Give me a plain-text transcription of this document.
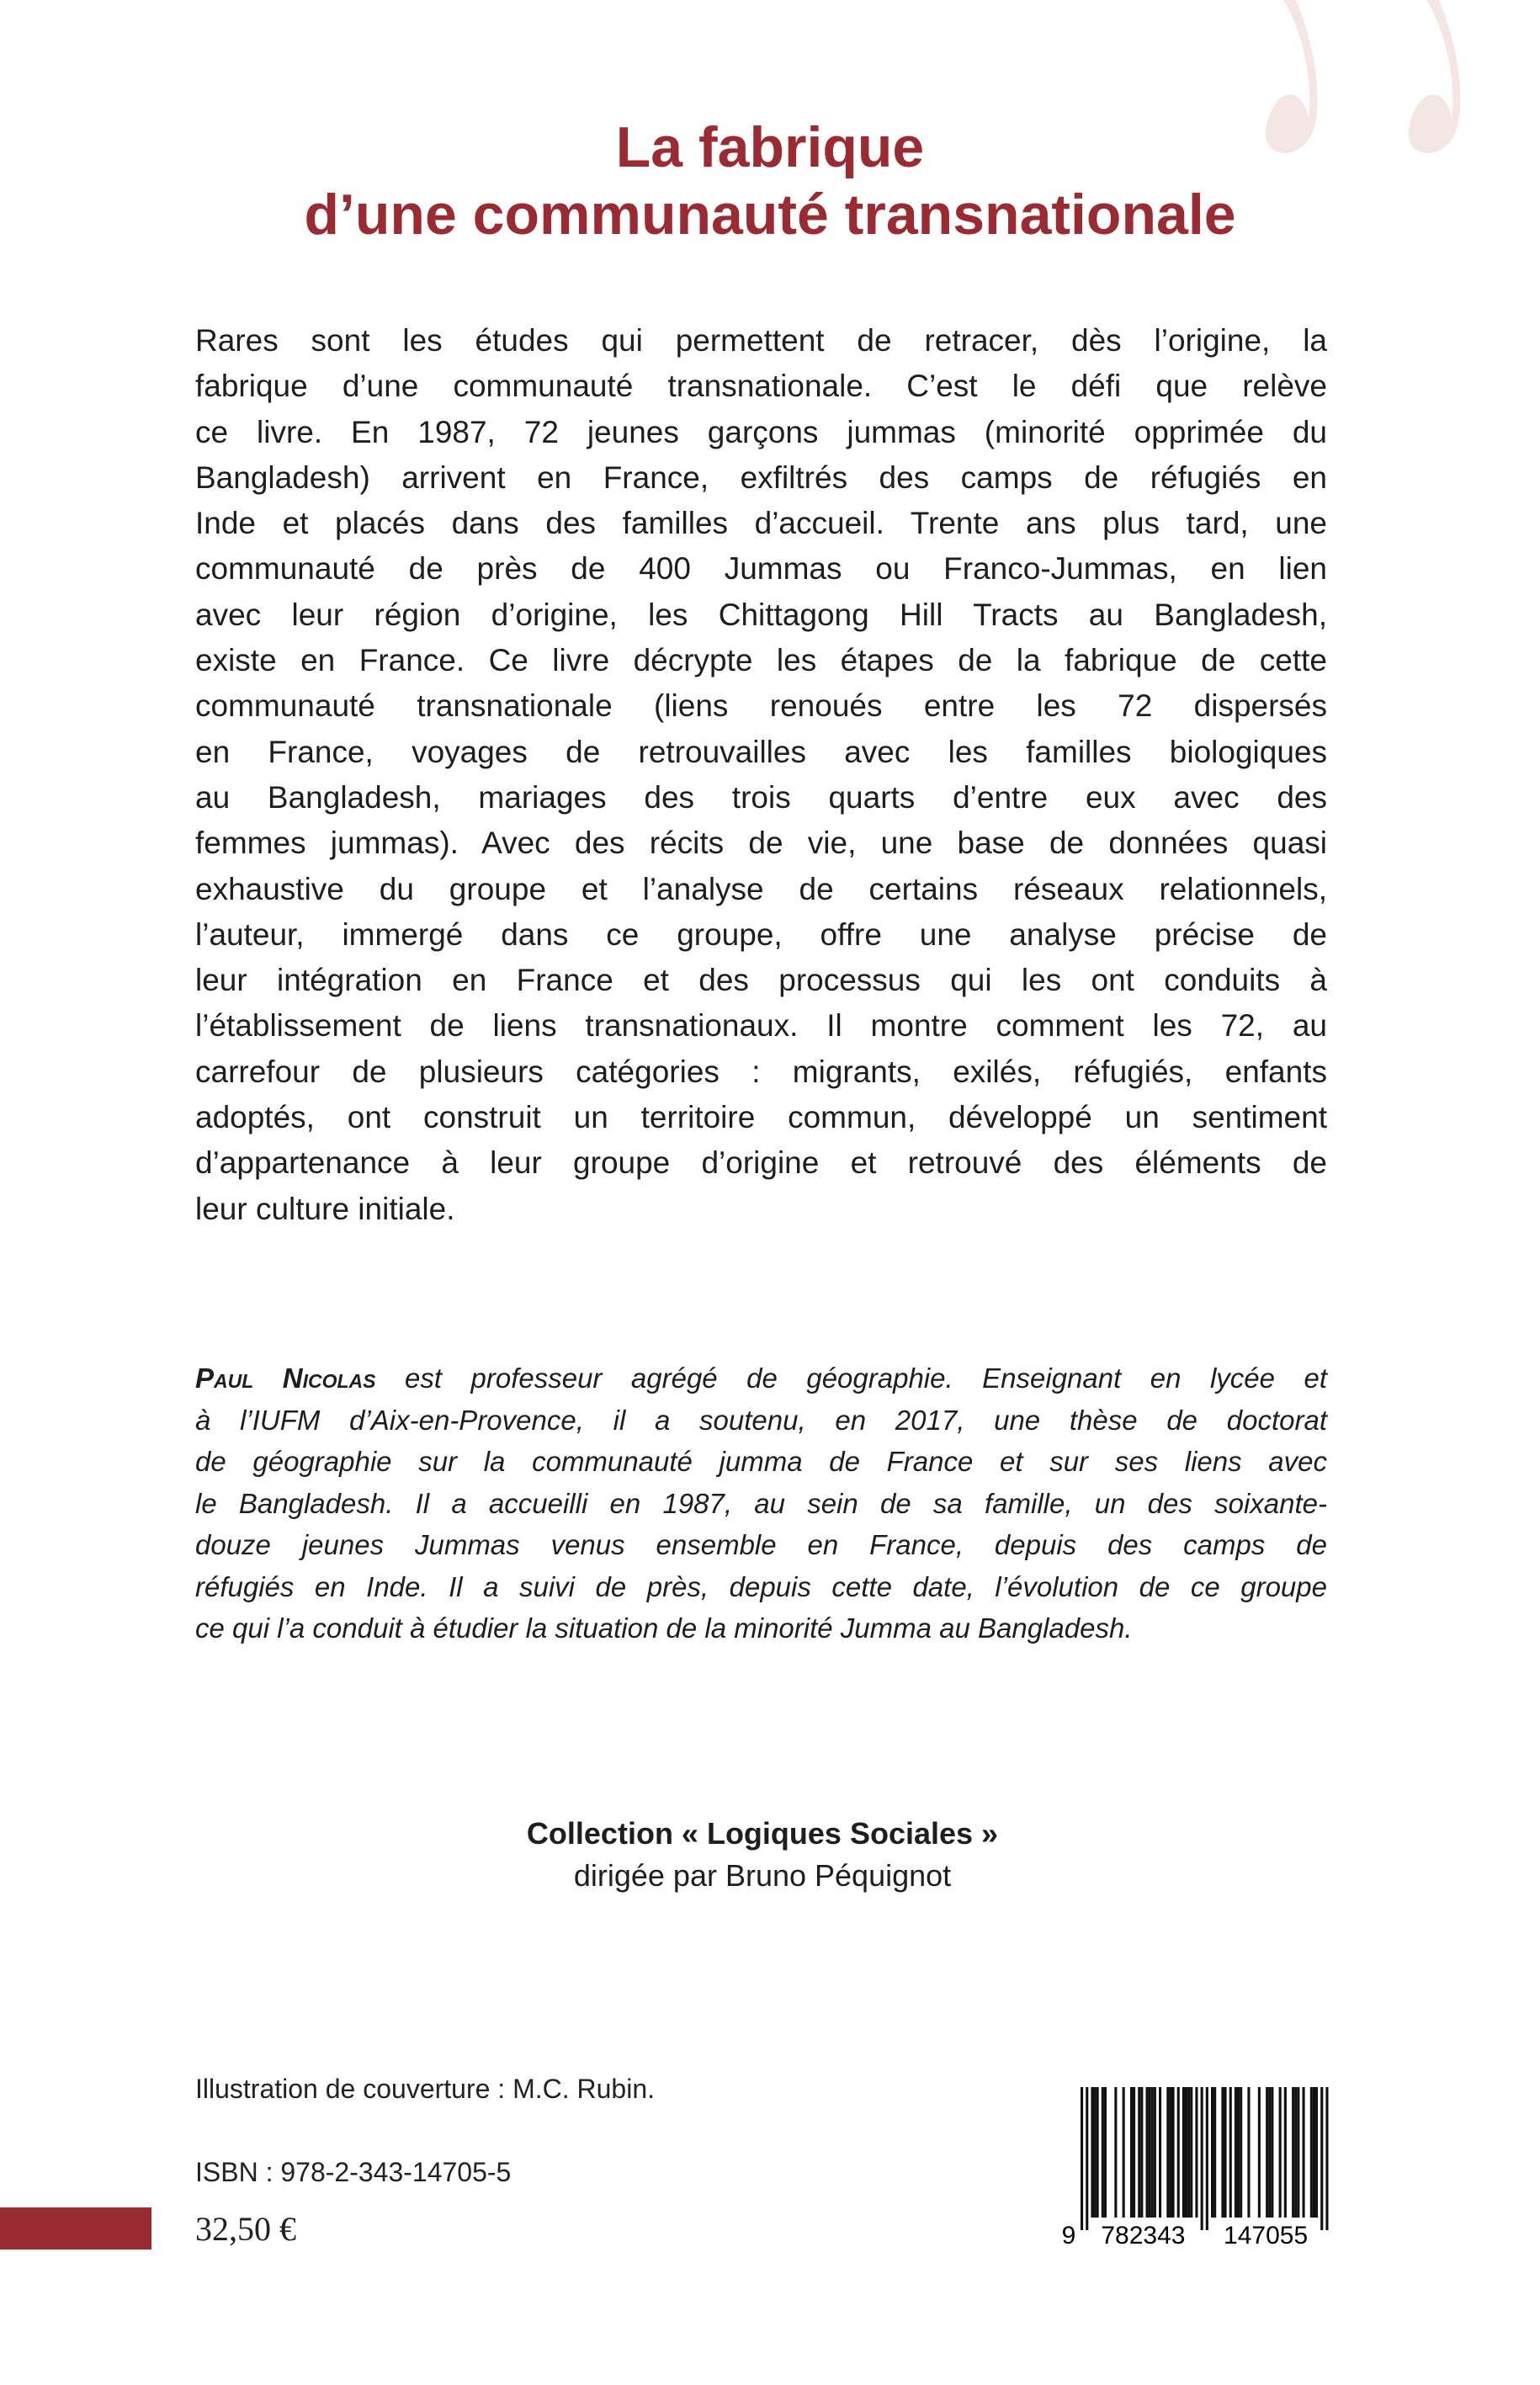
La fabrique
d’une communauté transnationale
Rares sont les études qui permettent de retracer, dès l’origine, la
fabrique d’une communauté transnationale. C’est le défi que relève
ce livre. En 1987, 72 jeunes garçons jummas (minorité opprimée du
Bangladesh) arrivent en France, exfiltrés des camps de réfugiés en
Inde et placés dans des familles d’accueil. Trente ans plus tard, une
communauté de près de 400 Jummas ou Franco-Jummas, en lien
avec leur région d’origine, les Chittagong Hill Tracts au Bangladesh,
existe en France. Ce livre décrypte les étapes de la fabrique de cette
communauté transnationale (liens renoués entre les 72 dispersés
en France, voyages de retrouvailles avec les familles biologiques
au Bangladesh, mariages des trois quarts d’entre eux avec des
femmes jummas). Avec des récits de vie, une base de données quasi
exhaustive du groupe et l’analyse de certains réseaux relationnels,
l’auteur, immergé dans ce groupe, offre une analyse précise de
leur intégration en France et des processus qui les ont conduits à
l’établissement de liens transnationaux. Il montre comment les 72, au
carrefour de plusieurs catégories : migrants, exilés, réfugiés, enfants
adoptés, ont construit un territoire commun, développé un sentiment
d’appartenance à leur groupe d’origine et retrouvé des éléments de
leur culture initiale.
Paul Nicolas est professeur agrégé de géographie. Enseignant en lycée et
à l’IUFM d’Aix-en-Provence, il a soutenu, en 2017, une thèse de doctorat
de géographie sur la communauté jumma de France et sur ses liens avec
le Bangladesh. Il a accueilli en 1987, au sein de sa famille, un des soixante-
douze jeunes Jummas venus ensemble en France, depuis des camps de
réfugiés en Inde. Il a suivi de près, depuis cette date, l’évolution de ce groupe
ce qui l’a conduit à étudier la situation de la minorité Jumma au Bangladesh.
Collection « Logiques Sociales »
dirigée par Bruno Péquignot
Illustration de couverture : M.C. Rubin.
ISBN : 978-2-343-14705-5
32,50 €	9 782343 147055
